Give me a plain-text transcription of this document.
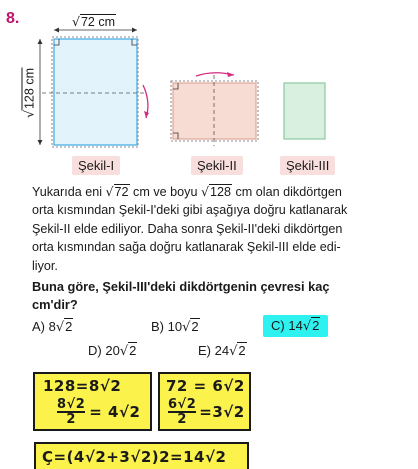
8.	√72 cm
√128 cm
Şekil-I	Şekil-II	Şekil-III
Yukarıda eni √72 cm ve boyu √128 cm olan dikdörtgen
orta kısmından Şekil-I'deki gibi aşağıya doğru katlanarak
Şekil-II elde ediliyor. Daha sonra Şekil-II'deki dikdörtgen
orta kısmından sağa doğru katlanarak Şekil-III elde edi-
liyor.
Buna göre, Şekil-III'deki dikdörtgenin çevresi kaç
cm'dir?
A) 8√2	B) 10√2	C) 14√2
D) 20√2	E) 24√2
128=8√2
$\frac{8√2}{2} = 4√2$
72 = 6√2
$\frac{6√2}{2} =3√2$
Ç=(4√2+3√2)2=14√2
